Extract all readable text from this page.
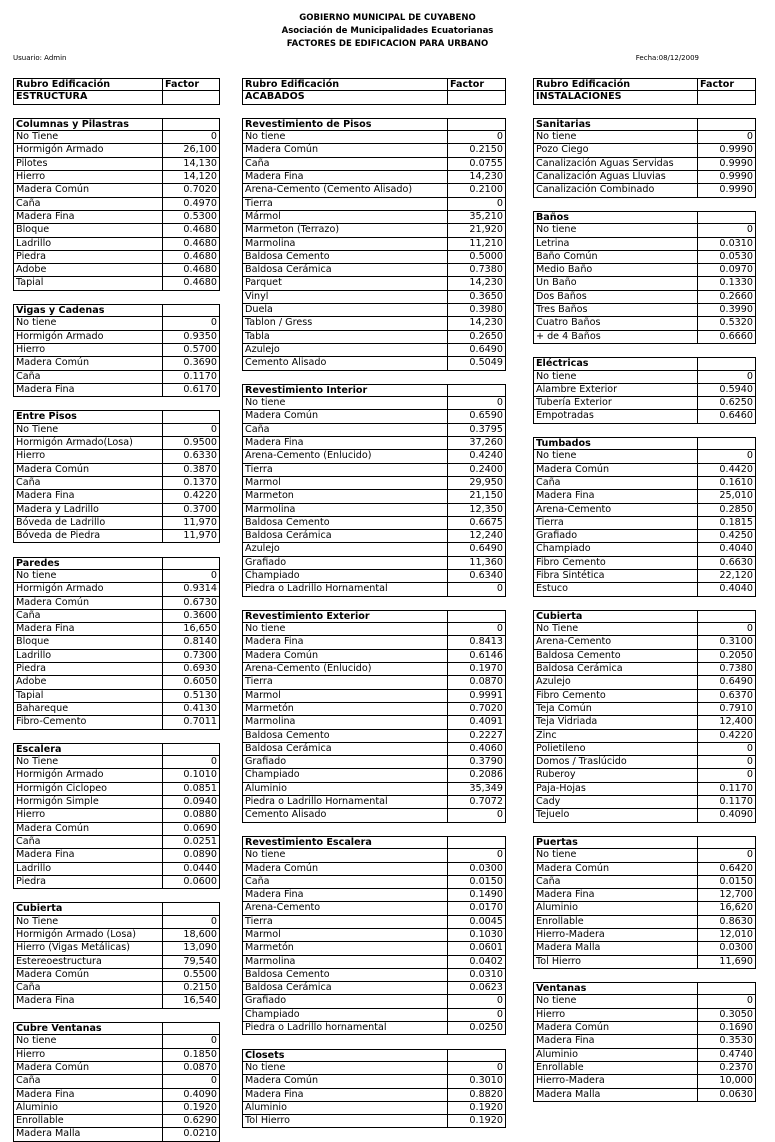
GOBIERNO MUNICIPAL DE CUYABENO
Asociación de Municipalidades Ecuatorianas
FACTORES DE EDIFICACION PARA URBANO
Usuario: Admin	Fecha:08/12/2009
Rubro Edificación	Factor
ESTRUCTURA
Columnas y Pilastras
No Tiene	0
Hormigón Armado	26,100
Pilotes	14,130
Hierro	14,120
Madera Común	0.7020
Caña	0.4970
Madera Fina	0.5300
Bloque	0.4680
Ladrillo	0.4680
Piedra	0.4680
Adobe	0.4680
Tapial	0.4680
Vigas y Cadenas
No tiene	0
Hormigón Armado	0.9350
Hierro	0.5700
Madera Común	0.3690
Caña	0.1170
Madera Fina	0.6170
Entre Pisos
No Tiene	0
Hormigón Armado(Losa)	0.9500
Hierro	0.6330
Madera Común	0.3870
Caña	0.1370
Madera Fina	0.4220
Madera y Ladrillo	0.3700
Bóveda de Ladrillo	11,970
Bóveda de Piedra	11,970
Paredes
No tiene	0
Hormigón Armado	0.9314
Madera Común	0.6730
Caña	0.3600
Madera Fina	16,650
Bloque	0.8140
Ladrillo	0.7300
Piedra	0.6930
Adobe	0.6050
Tapial	0.5130
Bahareque	0.4130
Fibro-Cemento	0.7011
Escalera
No Tiene	0
Hormigón Armado	0.1010
Hormigón Ciclopeo	0.0851
Hormigón Simple	0.0940
Hierro	0.0880
Madera Común	0.0690
Caña	0.0251
Madera Fina	0.0890
Ladrillo	0.0440
Piedra	0.0600
Cubierta
No Tiene	0
Hormigón Armado (Losa)	18,600
Hierro (Vigas Metálicas)	13,090
Estereoestructura	79,540
Madera Común	0.5500
Caña	0.2150
Madera Fina	16,540
Cubre Ventanas
No tiene	0
Hierro	0.1850
Madera Común	0.0870
Caña	0
Madera Fina	0.4090
Aluminio	0.1920
Enrollable	0.6290
Madera Malla	0.0210
Rubro Edificación	Factor
ACABADOS
Revestimiento de Pisos
No tiene	0
Madera Común	0.2150
Caña	0.0755
Madera Fina	14,230
Arena-Cemento (Cemento Alisado)	0.2100
Tierra	0
Mármol	35,210
Marmeton (Terrazo)	21,920
Marmolina	11,210
Baldosa Cemento	0.5000
Baldosa Cerámica	0.7380
Parquet	14,230
Vinyl	0.3650
Duela	0.3980
Tablon / Gress	14,230
Tabla	0.2650
Azulejo	0.6490
Cemento Alisado	0.5049
Revestimiento Interior
No tiene	0
Madera Común	0.6590
Caña	0.3795
Madera Fina	37,260
Arena-Cemento (Enlucido)	0.4240
Tierra	0.2400
Marmol	29,950
Marmeton	21,150
Marmolina	12,350
Baldosa Cemento	0.6675
Baldosa Cerámica	12,240
Azulejo	0.6490
Grafiado	11,360
Champiado	0.6340
Piedra o Ladrillo Hornamental	0
Revestimiento Exterior
No tiene	0
Madera Fina	0.8413
Madera Común	0.6146
Arena-Cemento (Enlucido)	0.1970
Tierra	0.0870
Marmol	0.9991
Marmetón	0.7020
Marmolina	0.4091
Baldosa Cemento	0.2227
Baldosa Cerámica	0.4060
Grafiado	0.3790
Champiado	0.2086
Aluminio	35,349
Piedra o Ladrillo Hornamental	0.7072
Cemento Alisado	0
Revestimiento Escalera
No tiene	0
Madera Común	0.0300
Caña	0.0150
Madera Fina	0.1490
Arena-Cemento	0.0170
Tierra	0.0045
Marmol	0.1030
Marmetón	0.0601
Marmolina	0.0402
Baldosa Cemento	0.0310
Baldosa Cerámica	0.0623
Grafiado	0
Champiado	0
Piedra o Ladrillo hornamental	0.0250
Closets
No tiene	0
Madera Común	0.3010
Madera Fina	0.8820
Aluminio	0.1920
Tol Hierro	0.1920
Rubro Edificación	Factor
INSTALACIONES
Sanitarias
No tiene	0
Pozo Ciego	0.9990
Canalización Aguas Servidas	0.9990
Canalización Aguas Lluvias	0.9990
Canalización Combinado	0.9990
Baños
No tiene	0
Letrina	0.0310
Baño Común	0.0530
Medio Baño	0.0970
Un Baño	0.1330
Dos Baños	0.2660
Tres Baños	0.3990
Cuatro Baños	0.5320
+ de 4 Baños	0.6660
Eléctricas
No tiene	0
Alambre Exterior	0.5940
Tubería Exterior	0.6250
Empotradas	0.6460
Tumbados
No tiene	0
Madera Común	0.4420
Caña	0.1610
Madera Fina	25,010
Arena-Cemento	0.2850
Tierra	0.1815
Grafiado	0.4250
Champiado	0.4040
Fibro Cemento	0.6630
Fibra Sintética	22,120
Estuco	0.4040
Cubierta
No Tiene	0
Arena-Cemento	0.3100
Baldosa Cemento	0.2050
Baldosa Cerámica	0.7380
Azulejo	0.6490
Fibro Cemento	0.6370
Teja Común	0.7910
Teja Vidriada	12,400
Zinc	0.4220
Polietileno	0
Domos / Traslúcido	0
Ruberoy	0
Paja-Hojas	0.1170
Cady	0.1170
Tejuelo	0.4090
Puertas
No tiene	0
Madera Común	0.6420
Caña	0.0150
Madera Fina	12,700
Aluminio	16,620
Enrollable	0.8630
Hierro-Madera	12,010
Madera Malla	0.0300
Tol Hierro	11,690
Ventanas
No tiene	0
Hierro	0.3050
Madera Común	0.1690
Madera Fina	0.3530
Aluminio	0.4740
Enrollable	0.2370
Hierro-Madera	10,000
Madera Malla	0.0630
